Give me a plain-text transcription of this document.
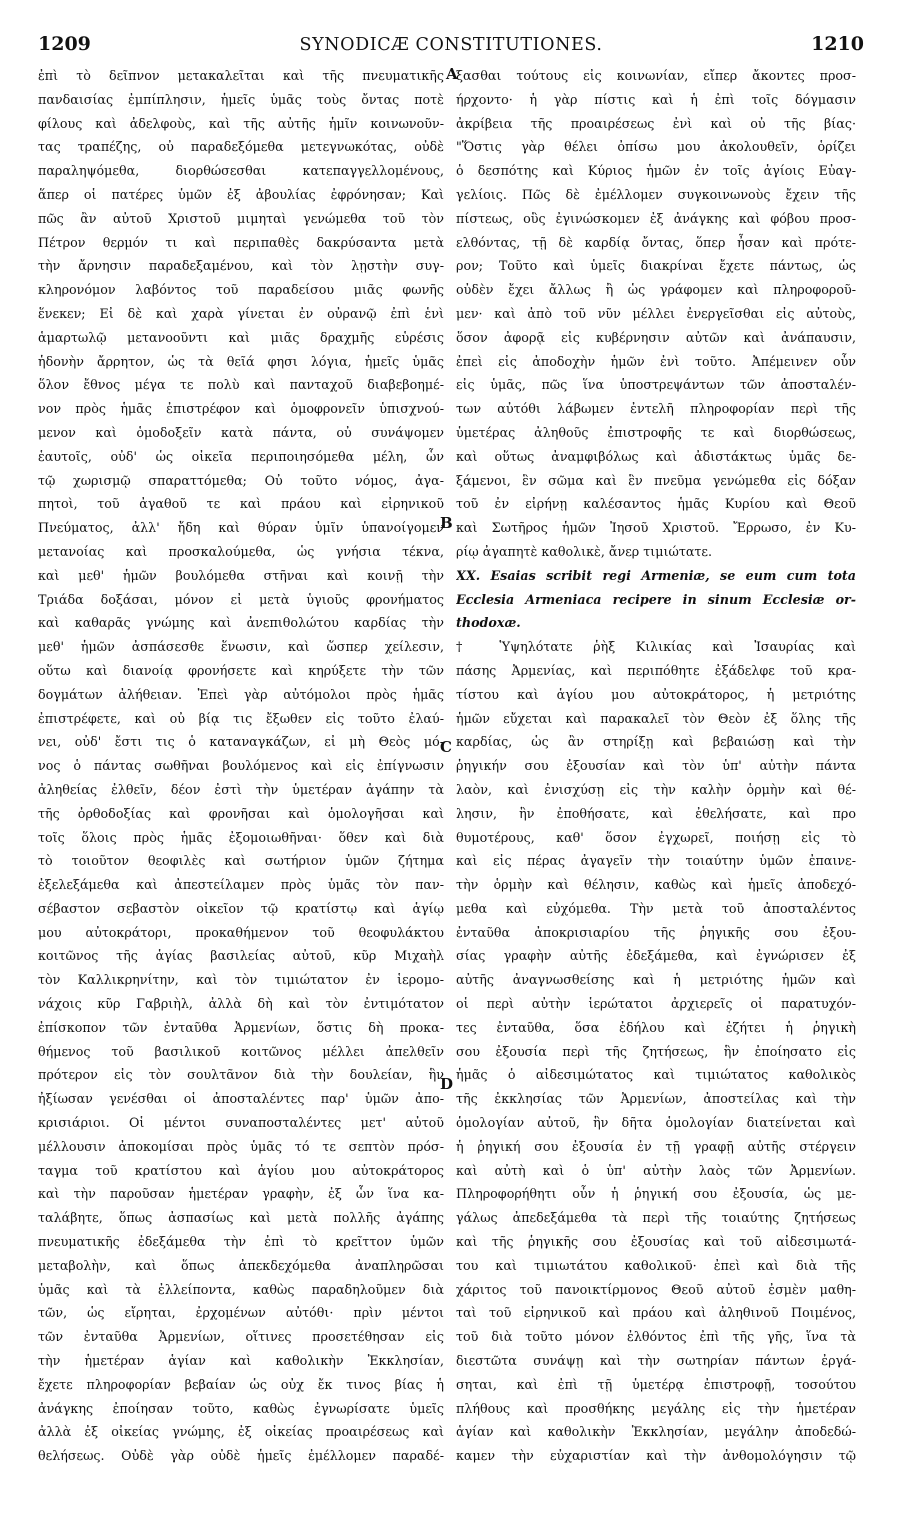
1209	SYNODICÆ CONSTITUTIONES.	1210
ἐπὶ τὸ δεῖπνον μετακαλεῖται καὶ τῆς πνευματικῆς
πανδαισίας ἐμπίπλησιν, ἡμεῖς ὑμᾶς τοὺς ὄντας ποτὲ
φίλους καὶ ἀδελφοὺς, καὶ τῆς αὐτῆς ἡμῖν κοινωνοῦν-
τας τραπέζης, οὐ παραδεξόμεθα μετεγνωκότας, οὐδὲ
παραληψόμεθα, διορθώσεσθαι κατεπαγγελλομένους,
ἅπερ οἱ πατέρες ὑμῶν ἐξ ἀβουλίας ἐφρόνησαν; Καὶ
πῶς ἂν αὐτοῦ Χριστοῦ μιμηταὶ γενώμεθα τοῦ τὸν
Πέτρον θερμόν τι καὶ περιπαθὲς δακρύσαντα μετὰ
τὴν ἄρνησιν παραδεξαμένου, καὶ τὸν λῃστὴν συγ-
κληρονόμον λαβόντος τοῦ παραδείσου μιᾶς φωνῆς
ἕνεκεν; Εἰ δὲ καὶ χαρὰ γίνεται ἐν οὐρανῷ ἐπὶ ἑνὶ
ἁμαρτωλῷ μετανοοῦντι καὶ μιᾶς δραχμῆς εὑρέσις
ἡδονὴν ἄρρητον, ὡς τὰ θεῖά φησι λόγια, ἡμεῖς ὑμᾶς
ὅλον ἔθνος μέγα τε πολὺ καὶ πανταχοῦ διαβεβοημέ-
νον πρὸς ἡμᾶς ἐπιστρέφον καὶ ὁμοφρονεῖν ὑπισχνού-
μενον καὶ ὁμοδοξεῖν κατὰ πάντα, οὐ συνάψομεν
ἑαυτοῖς, οὐδ' ὡς οἰκεῖα περιποιησόμεθα μέλη, ὧν
τῷ χωρισμῷ σπαραττόμεθα; Οὐ τοῦτο νόμος, ἀγα-
πητοὶ, τοῦ ἀγαθοῦ τε καὶ πράου καὶ εἰρηνικοῦ
Πνεύματος, ἀλλ' ἤδη καὶ θύραν ὑμῖν ὑπανοίγομεν
μετανοίας καὶ προσκαλούμεθα, ὡς γνήσια τέκνα,
καὶ μεθ' ἡμῶν βουλόμεθα στῆναι καὶ κοινῇ τὴν
Τριάδα δοξάσαι, μόνον εἰ μετὰ ὑγιοῦς φρονήματος
καὶ καθαρᾶς γνώμης καὶ ἀνεπιθολώτου καρδίας τὴν
μεθ' ἡμῶν ἀσπάσεσθε ἕνωσιν, καὶ ὥσπερ χείλεσιν,
οὕτω καὶ διανοίᾳ φρονήσετε καὶ κηρύξετε τὴν τῶν
δογμάτων ἀλήθειαν. Ἐπεὶ γὰρ αὐτόμολοι πρὸς ἡμᾶς
ἐπιστρέφετε, καὶ οὐ βίᾳ τις ἔξωθεν εἰς τοῦτο ἐλαύ-
νει, οὐδ' ἔστι τις ὁ καταναγκάζων, εἰ μὴ Θεὸς μό-
νος ὁ πάντας σωθῆναι βουλόμενος καὶ εἰς ἐπίγνωσιν
ἀληθείας ἐλθεῖν, δέον ἐστὶ τὴν ὑμετέραν ἀγάπην τὰ
τῆς ὀρθοδοξίας καὶ φρονῆσαι καὶ ὁμολογῆσαι καὶ
τοῖς ὅλοις πρὸς ἡμᾶς ἐξομοιωθῆναι· ὅθεν καὶ διὰ
τὸ τοιοῦτον θεοφιλὲς καὶ σωτήριον ὑμῶν ζήτημα
ἐξελεξάμεθα καὶ ἀπεστείλαμεν πρὸς ὑμᾶς τὸν παν-
σέβαστον σεβαστὸν οἰκεῖον τῷ κρατίστῳ καὶ ἁγίῳ
μου αὐτοκράτορι, προκαθήμενον τοῦ θεοφυλάκτου
κοιτῶνος τῆς ἁγίας βασιλείας αὐτοῦ, κῦρ Μιχαὴλ
τὸν Καλλικρηνίτην, καὶ τὸν τιμιώτατον ἐν ἱερομο-
νάχοις κῦρ Γαβριὴλ, ἀλλὰ δὴ καὶ τὸν ἐντιμότατον
ἐπίσκοπον τῶν ἐνταῦθα Ἀρμενίων, ὅστις δὴ προκα-
θήμενος τοῦ βασιλικοῦ κοιτῶνος μέλλει ἀπελθεῖν
πρότερον εἰς τὸν σουλτᾶνον διὰ τὴν δουλείαν, ἣν
ἠξίωσαν γενέσθαι οἱ ἀποσταλέντες παρ' ὑμῶν ἀπο-
κρισιάριοι. Οἱ μέντοι συναποσταλέντες μετ' αὐτοῦ
μέλλουσιν ἀποκομίσαι πρὸς ὑμᾶς τό τε σεπτὸν πρόσ-
ταγμα τοῦ κρατίστου καὶ ἁγίου μου αὐτοκράτορος
καὶ τὴν παροῦσαν ἡμετέραν γραφὴν, ἐξ ὧν ἵνα κα-
ταλάβητε, ὅπως ἀσπασίως καὶ μετὰ πολλῆς ἀγάπης
πνευματικῆς ἐδεξάμεθα τὴν ἐπὶ τὸ κρεῖττον ὑμῶν
μεταβολὴν, καὶ ὅπως ἀπεκδεχόμεθα ἀναπληρῶσαι
ὑμᾶς καὶ τὰ ἐλλείποντα, καθὼς παραδηλοῦμεν διὰ
τῶν, ὡς εἴρηται, ἐρχομένων αὐτόθι· πρὶν μέντοι
τῶν ἐνταῦθα Ἀρμενίων, οἵτινες προσετέθησαν εἰς
τὴν ἡμετέραν ἁγίαν καὶ καθολικὴν Ἐκκλησίαν,
ἔχετε πληροφορίαν βεβαίαν ὡς οὐχ ἔκ τινος βίας ἡ
ἀνάγκης ἐποίησαν τοῦτο, καθὼς ἐγνωρίσατε ὑμεῖς
ἀλλὰ ἐξ οἰκείας γνώμης, ἐξ οἰκείας προαιρέσεως καὶ
θελήσεως. Οὐδὲ γὰρ οὐδὲ ἡμεῖς ἐμέλλομεν παραδέ-
ξασθαι τούτους εἰς κοινωνίαν, εἴπερ ἄκοντες προσ-
ήρχοντο· ἡ γὰρ πίστις καὶ ἡ ἐπὶ τοῖς δόγμασιν
ἀκρίβεια τῆς προαιρέσεως ἐνὶ καὶ οὐ τῆς βίας·
"Ὅστις γὰρ θέλει ὀπίσω μου ἀκολουθεῖν, ὁρίζει
ὁ δεσπότης καὶ Κύριος ἡμῶν ἐν τοῖς ἁγίοις Εὐαγ-
γελίοις. Πῶς δὲ ἐμέλλομεν συγκοινωνοὺς ἔχειν τῆς
πίστεως, οὓς ἐγινώσκομεν ἐξ ἀνάγκης καὶ φόβου προσ-
ελθόντας, τῇ δὲ καρδίᾳ ὄντας, ὅπερ ἦσαν καὶ πρότε-
ρον; Τοῦτο καὶ ὑμεῖς διακρίναι ἔχετε πάντως, ὡς
οὐδὲν ἔχει ἄλλως ἢ ὡς γράφομεν καὶ πληροφοροῦ-
μεν· καὶ ἀπὸ τοῦ νῦν μέλλει ἐνεργεῖσθαι εἰς αὐτοὺς,
ὅσον ἀφορᾷ εἰς κυβέρνησιν αὐτῶν καὶ ἀνάπαυσιν,
ἐπεὶ εἰς ἀποδοχὴν ἡμῶν ἐνὶ τοῦτο. Ἀπέμεινεν οὖν
εἰς ὑμᾶς, πῶς ἵνα ὑποστρεψάντων τῶν ἀποσταλέν-
των αὐτόθι λάβωμεν ἐντελῆ πληροφορίαν περὶ τῆς
ὑμετέρας ἀληθοῦς ἐπιστροφῆς τε καὶ διορθώσεως,
καὶ οὕτως ἀναμφιβόλως καὶ ἀδιστάκτως ὑμᾶς δε-
ξάμενοι, ἓν σῶμα καὶ ἓν πνεῦμα γενώμεθα εἰς δόξαν
τοῦ ἐν εἰρήνῃ καλέσαντος ἡμᾶς Κυρίου καὶ Θεοῦ
καὶ Σωτῆρος ἡμῶν Ἰησοῦ Χριστοῦ. Ἔρρωσο, ἐν Κυ-
ρίῳ ἀγαπητὲ καθολικὲ, ἄνερ τιμιώτατε.
XX. Esaias scribit regi Armeniæ, se eum cum tota
Ecclesia Armeniaca recipere in sinum Ecclesiæ or-
thodoxæ.
† Ὑψηλότατε ῥὴξ Κιλικίας καὶ Ἰσαυρίας καὶ
πάσης Ἀρμενίας, καὶ περιπόθητε ἐξάδελφε τοῦ κρα-
τίστου καὶ ἁγίου μου αὐτοκράτορος, ἡ μετριότης
ἡμῶν εὔχεται καὶ παρακαλεῖ τὸν Θεὸν ἐξ ὅλης τῆς
καρδίας, ὡς ἂν στηρίξῃ καὶ βεβαιώσῃ καὶ τὴν
ῥηγικήν σου ἐξουσίαν καὶ τὸν ὑπ' αὐτὴν πάντα
λαὸν, καὶ ἐνισχύσῃ εἰς τὴν καλὴν ὁρμὴν καὶ θέ-
λησιν, ἣν ἐποθήσατε, καὶ ἐθελήσατε, καὶ προ
θυμοτέρους, καθ' ὅσον ἐγχωρεῖ, ποιήσῃ εἰς τὸ
καὶ εἰς πέρας ἀγαγεῖν τὴν τοιαύτην ὑμῶν ἐπαινε-
τὴν ὁρμὴν καὶ θέλησιν, καθὼς καὶ ἡμεῖς ἀποδεχό-
μεθα καὶ εὐχόμεθα. Τὴν μετὰ τοῦ ἀποσταλέντος
ἐνταῦθα ἀποκρισιαρίου τῆς ῥηγικῆς σου ἐξου-
σίας γραφὴν αὐτῆς ἐδεξάμεθα, καὶ ἐγνώρισεν ἐξ
αὐτῆς ἀναγνωσθείσης καὶ ἡ μετριότης ἡμῶν καὶ
οἱ περὶ αὐτὴν ἱερώτατοι ἀρχιερεῖς οἱ παρατυχόν-
τες ἐνταῦθα, ὅσα ἐδήλου καὶ ἐζήτει ἡ ῥηγικὴ
σου ἐξουσία περὶ τῆς ζητήσεως, ἣν ἐποίησατο εἰς
ἡμᾶς ὁ αἰδεσιμώτατος καὶ τιμιώτατος καθολικὸς
τῆς ἐκκλησίας τῶν Ἀρμενίων, ἀποστείλας καὶ τὴν
ὁμολογίαν αὐτοῦ, ἣν δῆτα ὁμολογίαν διατείνεται καὶ
ἡ ῥηγική σου ἐξουσία ἐν τῇ γραφῇ αὐτῆς στέργειν
καὶ αὐτὴ καὶ ὁ ὑπ' αὐτὴν λαὸς τῶν Ἀρμενίων.
Πληροφορήθητι οὖν ἡ ῥηγική σου ἐξουσία, ὡς με-
γάλως ἀπεδεξάμεθα τὰ περὶ τῆς τοιαύτης ζητήσεως
καὶ τῆς ῥηγικῆς σου ἐξουσίας καὶ τοῦ αἰδεσιμωτά-
του καὶ τιμιωτάτου καθολικοῦ· ἐπεὶ καὶ διὰ τῆς
χάριτος τοῦ πανοικτίρμονος Θεοῦ αὐτοῦ ἐσμὲν μαθη-
ταὶ τοῦ εἰρηνικοῦ καὶ πράου καὶ ἀληθινοῦ Ποιμένος,
τοῦ διὰ τοῦτο μόνον ἐλθόντος ἐπὶ τῆς γῆς, ἵνα τὰ
διεστῶτα συνάψῃ καὶ τὴν σωτηρίαν πάντων ἐργά-
σηται, καὶ ἐπὶ τῇ ὑμετέρᾳ ἐπιστροφῇ, τοσούτου
πλήθους καὶ προσθήκης μεγάλης εἰς τὴν ἡμετέραν
ἁγίαν καὶ καθολικὴν Ἐκκλησίαν, μεγάλην ἀποδεδώ-
καμεν τὴν εὐχαριστίαν καὶ τὴν ἀνθομολόγησιν τῷ
A
B
C
D
